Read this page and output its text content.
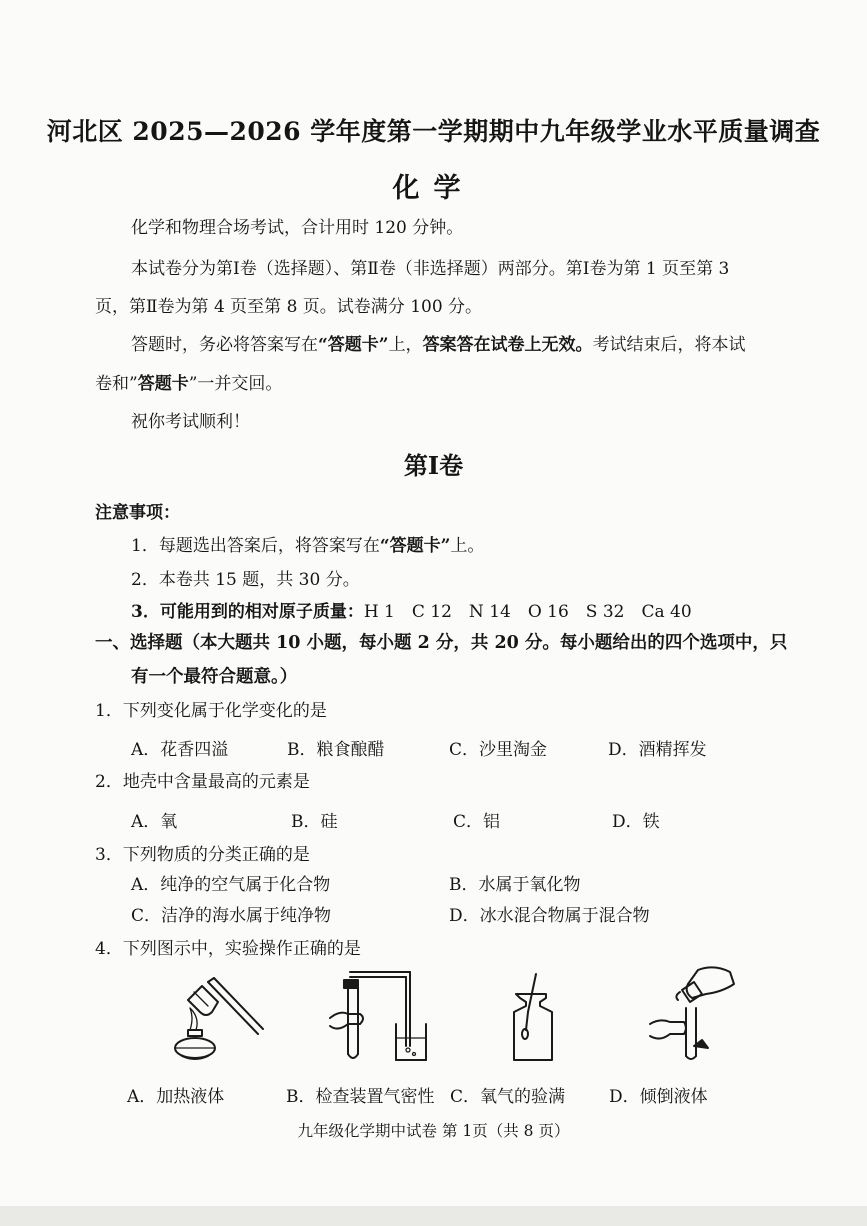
河北区 2025—2026 学年度第一学期期中九年级学业水平质量调查
化学
化学和物理合场考试，合计用时 120 分钟。
本试卷分为第Ⅰ卷（选择题）、第Ⅱ卷（非选择题）两部分。第Ⅰ卷为第 1 页至第 3
页，第Ⅱ卷为第 4 页至第 8 页。试卷满分 100 分。
答题时，务必将答案写在“答题卡”上，答案答在试卷上无效。考试结束后，将本试
卷和”答题卡”一并交回。
祝你考试顺利！
第Ⅰ卷
注意事项：
1．每题选出答案后，将答案写在“答题卡”上。
2．本卷共 15 题，共 30 分。
3．可能用到的相对原子质量：H 1　C 12　N 14　O 16　S 32　Ca 40
一、选择题（本大题共 10 小题，每小题 2 分，共 20 分。每小题给出的四个选项中，只
有一个最符合题意。）
1．下列变化属于化学变化的是
A．花香四溢	B．粮食酿醋	C．沙里淘金	D．酒精挥发
2．地壳中含量最高的元素是
A．氧	B．硅	C．铝	D．铁
3．下列物质的分类正确的是
A．纯净的空气属于化合物	B．水属于氧化物
C．洁净的海水属于纯净物	D．冰水混合物属于混合物
4．下列图示中，实验操作正确的是
A．加热液体	B．检查装置气密性 C．氧气的验满	D．倾倒液体
九年级化学期中试卷 第 1页（共 8 页）
